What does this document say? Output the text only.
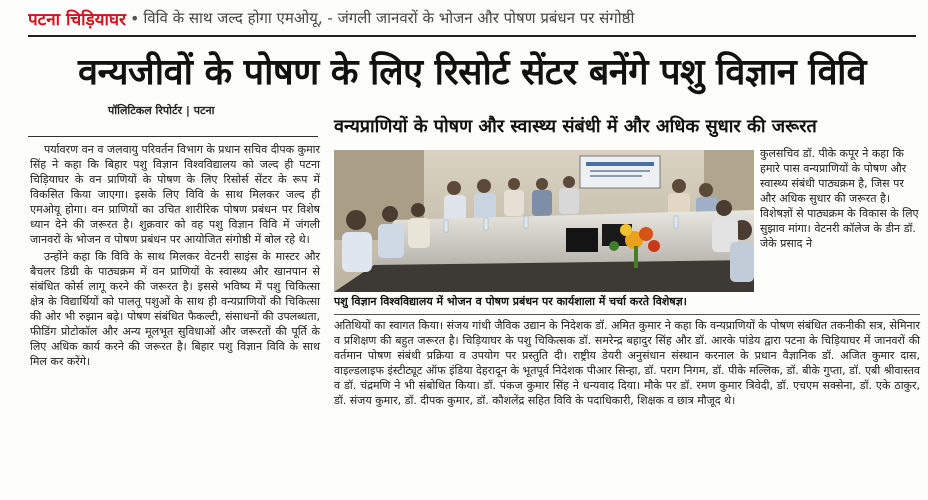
पटना चिड़ियाघर • विवि के साथ जल्द होगा एमओयू, - जंगली जानवरों के भोजन और पोषण प्रबंधन पर संगोष्ठी
वन्यजीवों के पोषण के लिए रिसोर्ट सेंटर बनेंगे पशु विज्ञान विवि
पॉलिटिकल रिपोर्टर | पटना
वन्यप्राणियों के पोषण और स्वास्थ्य संबंधी में और अधिक सुधार की जरूरत

पर्यावरण वन व जलवायु परिवर्तन विभाग के प्रधान सचिव दीपक कुमार सिंह ने कहा कि बिहार पशु विज्ञान विश्वविद्यालय को जल्द ही पटना चिड़ियाघर के वन प्राणियों के पोषण के लिए रिसोर्स सेंटर के रूप में विकसित किया जाएगा। इसके लिए विवि के साथ मिलकर जल्द ही एमओयू होगा। वन प्राणियों का उचित शारीरिक पोषण प्रबंधन पर विशेष ध्यान देने की जरूरत है। शुक्रवार को वह पशु विज्ञान विवि में जंगली जानवरों के भोजन व पोषण प्रबंधन पर आयोजित संगोष्ठी में बोल रहे थे।

उन्होंने कहा कि विवि के साथ मिलकर वेटनरी साइंस के मास्टर और बैचलर डिग्री के पाठ्यक्रम में वन प्राणियों के स्वास्थ्य और खानपान से संबंधित कोर्स लागू करने की जरूरत है। इससे भविष्य में पशु चिकित्सा क्षेत्र के विद्यार्थियों को पालतू पशुओं के साथ ही वन्यप्राणियों की चिकित्सा की ओर भी रुझान बढ़े। पोषण संबंधित फैकल्टी, संसाधनों की उपलब्धता, फीडिंग प्रोटोकॉल और अन्य मूलभूत सुविधाओं और जरूरतों की पूर्ति के लिए अधिक कार्य करने की जरूरत है। बिहार पशु विज्ञान विवि के साथ मिल कर करेंगे।

पशु विज्ञान विश्वविद्यालय में भोजन व पोषण प्रबंधन पर कार्यशाला में चर्चा करते विशेषज्ञ।
कुलसचिव डॉ. पीके कपूर ने कहा कि हमारे पास वन्यप्राणियों के पोषण और स्वास्थ्य संबंधी पाठ्यक्रम है, जिस पर और अधिक सुधार की जरूरत है। विशेषज्ञों से पाठ्यक्रम के विकास के लिए सुझाव मांगा। वेटनरी कॉलेज के डीन डॉ. जेके प्रसाद ने
अतिथियों का स्वागत किया। संजय गांधी जैविक उद्यान के निदेशक डॉ. अमित कुमार ने कहा कि वन्यप्राणियों के पोषण संबंधित तकनीकी सत्र, सेमिनार व प्रशिक्षण की बहुत जरूरत है। चिड़ियाघर के पशु चिकित्सक डॉ. समरेन्द्र बहादुर सिंह और डॉ. आरके पांडेय द्वारा पटना के चिड़ियाघर में जानवरों की वर्तमान पोषण संबंधी प्रक्रिया व उपयोग पर प्रस्तुति दी। राष्ट्रीय डेयरी अनुसंधान संस्थान करनाल के प्रधान वैज्ञानिक डॉ. अजित कुमार दास, वाइल्डलाइफ इंस्टीट्यूट ऑफ इंडिया देहरादून के भूतपूर्व निदेशक पीआर सिन्हा, डॉ. पराग निगम, डॉ. पीके मल्लिक, डॉ. बीके गुप्ता, डॉ. एबी श्रीवास्तव व डॉ. चंद्रमणि ने भी संबोधित किया। डॉ. पंकज कुमार सिंह ने धन्यवाद दिया। मौके पर डॉ. रमण कुमार त्रिवेदी, डॉ. एचएम सक्सेना, डॉ. एके ठाकुर, डॉ. संजय कुमार, डॉ. दीपक कुमार, डॉ. कौशलेंद्र सहित विवि के पदाधिकारी, शिक्षक व छात्र मौजूद थे।
